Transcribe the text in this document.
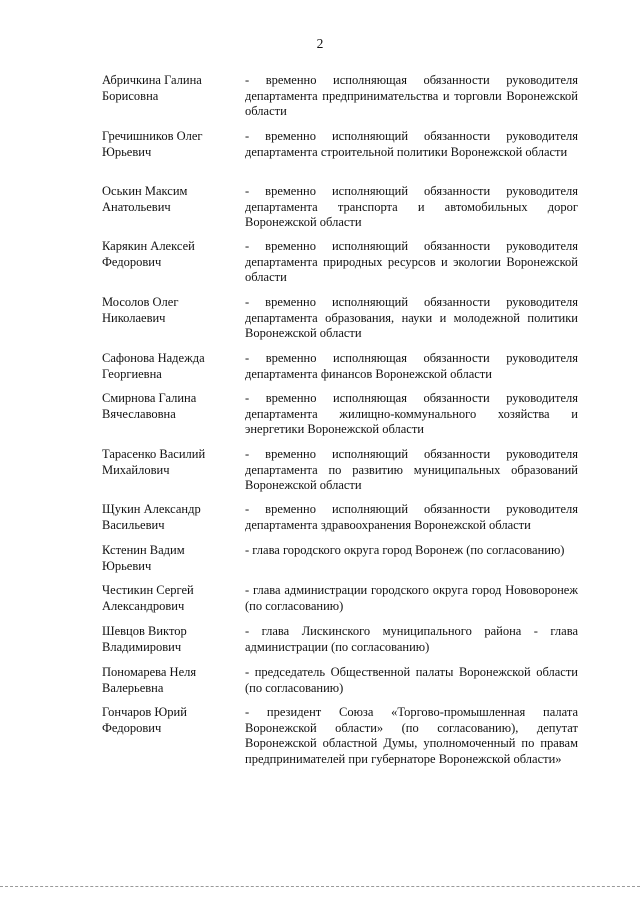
2
Абричкина Галина
Борисовна
- временно исполняющая обязанности руководителя департамента предпринимательства и торговли Воронежской области
Гречишников Олег
Юрьевич
- временно исполняющий обязанности руководителя департамента строительной политики Воронежской области
Оськин Максим
Анатольевич
- временно исполняющий обязанности руководителя департамента транспорта и автомобильных дорог Воронежской области
Карякин Алексей
Федорович
- временно исполняющий обязанности руководителя департамента природных ресурсов и экологии Воронежской области
Мосолов Олег
Николаевич
- временно исполняющий обязанности руководителя департамента образования, науки и молодежной политики Воронежской области
Сафонова Надежда
Георгиевна
- временно исполняющая обязанности руководителя департамента финансов Воронежской области
Смирнова Галина
Вячеславовна
- временно исполняющая обязанности руководителя департамента жилищно-коммунального хозяйства и энергетики Воронежской области
Тарасенко Василий
Михайлович
- временно исполняющий обязанности руководителя департамента по развитию муниципальных образований Воронежской области
Щукин Александр
Васильевич
- временно исполняющий обязанности руководителя департамента здравоохранения Воронежской области
Кстенин Вадим
Юрьевич
- глава городского округа город Воронеж (по согласованию)
Честикин Сергей
Александрович
- глава администрации городского округа город Нововоронеж (по согласованию)
Шевцов Виктор
Владимирович
- глава Лискинского муниципального района - глава администрации (по согласованию)
Пономарева Неля
Валерьевна
- председатель Общественной палаты Воронежской области (по согласованию)
Гончаров Юрий
Федорович
- президент Союза «Торгово-промышленная палата Воронежской области» (по согласованию), депутат Воронежской областной Думы, уполномоченный по правам предпринимателей при губернаторе Воронежской области»
